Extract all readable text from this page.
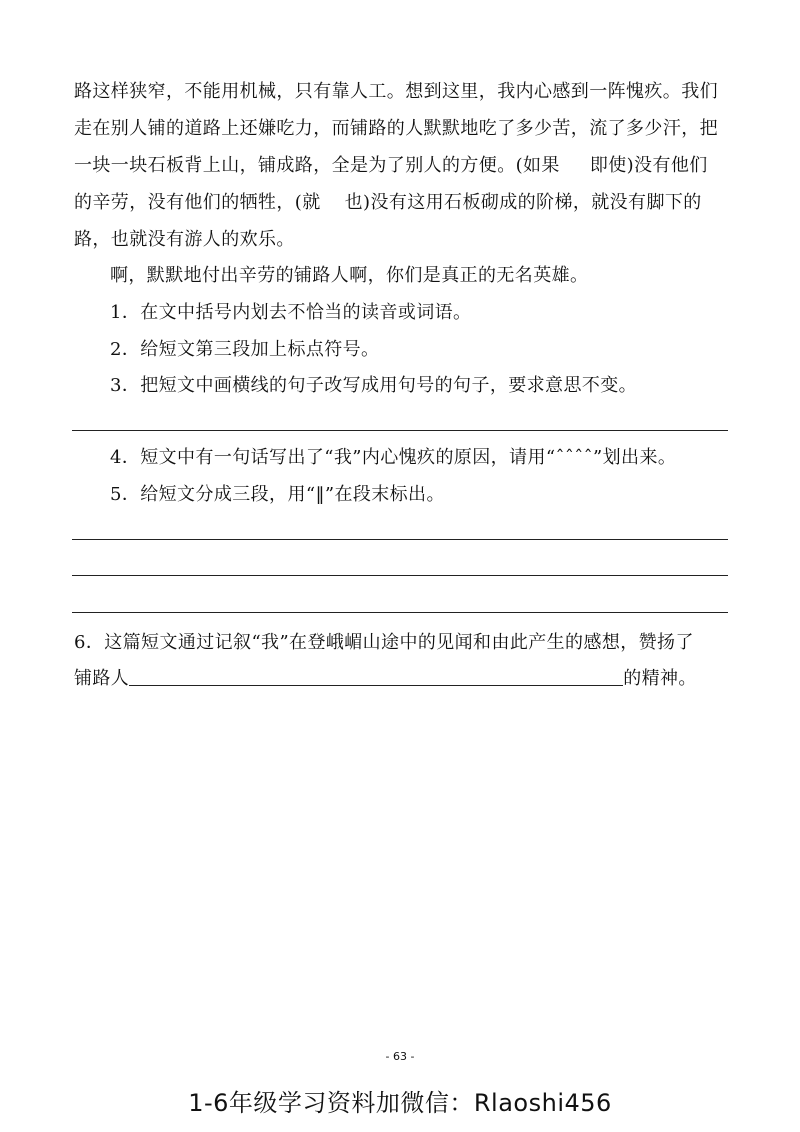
路这样狭窄，不能用机械，只有靠人工。想到这里，我内心感到一阵愧疚。我们
走在别人铺的道路上还嫌吃力，而铺路的人默默地吃了多少苦，流了多少汗，把
一块一块石板背上山，铺成路，全是为了别人的方便。(如果 即使)没有他们
的辛劳，没有他们的牺牲，(就 也)没有这用石板砌成的阶梯，就没有脚下的
路，也就没有游人的欢乐。
啊，默默地付出辛劳的铺路人啊，你们是真正的无名英雄。
1．在文中括号内划去不恰当的读音或词语。
2．给短文第三段加上标点符号。
3．把短文中画横线的句子改写成用句号的句子，要求意思不变。
4．短文中有一句话写出了“我”内心愧疚的原因，请用“ˆˆˆˆ”划出来。
5．给短文分成三段，用“‖”在段末标出。
6．这篇短文通过记叙“我”在登峨嵋山途中的见闻和由此产生的感想，赞扬了
铺路人	的精神。
- 63 -
1-6年级学习资料加微信：Rlaoshi456
